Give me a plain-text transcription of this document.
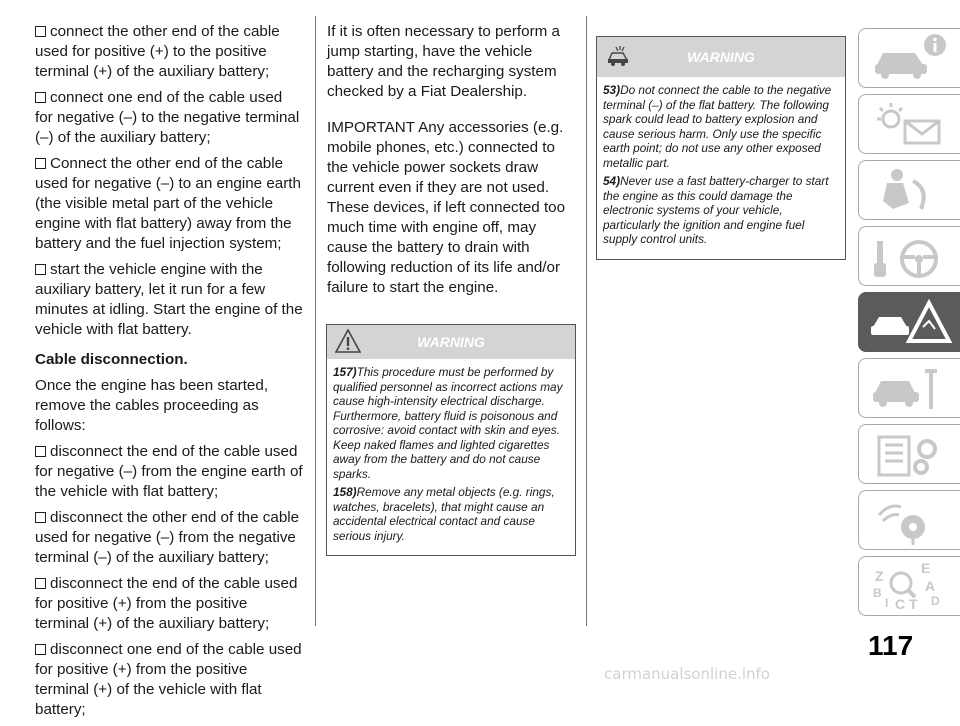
connect the other end of the cable used for positive (+) to the positive terminal (+) of the auxiliary battery;

connect one end of the cable used for negative (–) to the negative terminal (–) of the auxiliary battery;

Connect the other end of the cable used for negative (–) to an engine earth (the visible metal part of the vehicle engine with flat battery) away from the battery and the fuel injection system;

start the vehicle engine with the auxiliary battery, let it run for a few minutes at idling. Start the engine of the vehicle with flat battery.

Cable disconnection.

Once the engine has been started, remove the cables proceeding as follows:

disconnect the end of the cable used for negative (–) from the engine earth of the vehicle with flat battery;

disconnect the other end of the cable used for negative (–) from the negative terminal (–) of the auxiliary battery;

disconnect the end of the cable used for positive (+) from the positive terminal (+) of the auxiliary battery;

disconnect one end of the cable used for positive (+) from the positive terminal (+) of the vehicle with flat battery;

If it is often necessary to perform a jump starting, have the vehicle battery and the recharging system checked by a Fiat Dealership.

IMPORTANT Any accessories (e.g. mobile phones, etc.) connected to the vehicle power sockets draw current even if they are not used. These devices, if left connected too much time with engine off, may cause the battery to drain with following reduction of its life and/or failure to start the engine.

WARNING

157)This procedure must be performed by qualified personnel as incorrect actions may cause high-intensity electrical discharge. Furthermore, battery fluid is poisonous and corrosive: avoid contact with skin and eyes. Keep naked flames and lighted cigarettes away from the battery and do not cause sparks.

158)Remove any metal objects (e.g. rings, watches, bracelets), that might cause an accidental electrical contact and cause serious injury.

WARNING

53)Do not connect the cable to the negative terminal (–) of the flat battery. The following spark could lead to battery explosion and cause serious harm. Only use the specific earth point; do not use any other exposed metallic part.

54)Never use a fast battery-charger to start the engine as this could damage the electronic systems of your vehicle, particularly the ignition and engine fuel supply control units.

Z	E
B	A
I C T D
117
carmanualsonline.info
